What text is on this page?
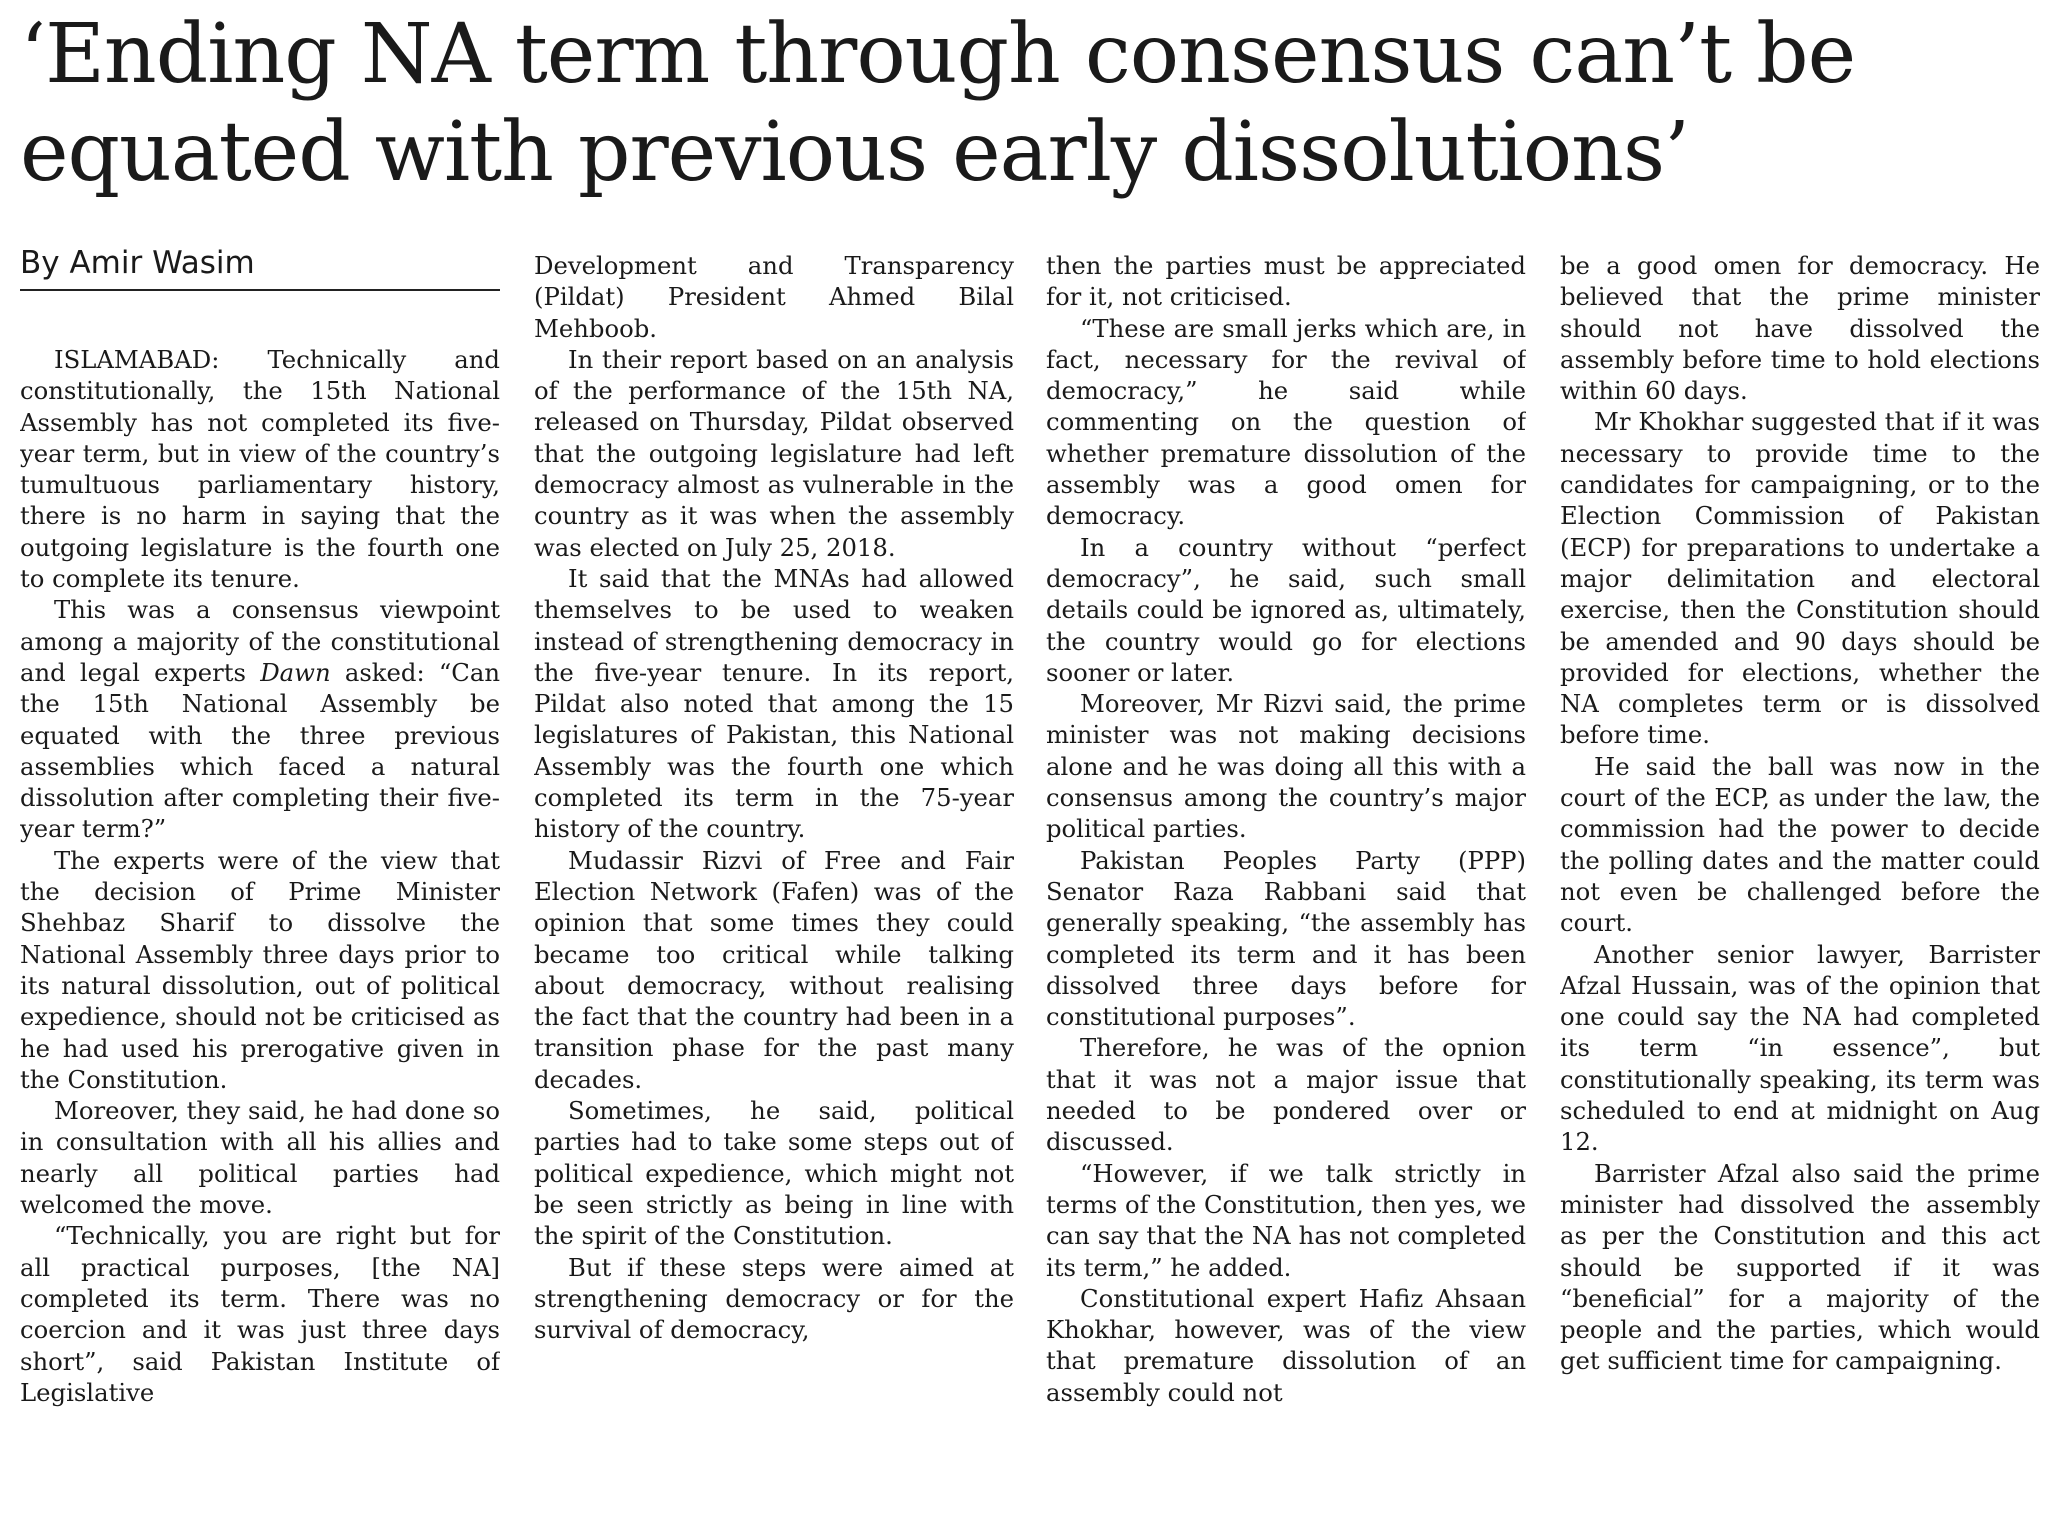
‘Ending NA term through consensus can’t be equated with previous early dissolutions’
By Amir Wasim

ISLAMABAD: Technically and constitutionally, the 15th National Assembly has not completed its five-year term, but in view of the country’s tumultuous parliamentary history, there is no harm in saying that the outgoing legislature is the fourth one to complete its tenure.

This was a consensus viewpoint among a majority of the constitutional and legal experts Dawn asked: “Can the 15th National Assembly be equated with the three previous assemblies which faced a natural dissolution after completing their five-year term?”

The experts were of the view that the decision of Prime Minister Shehbaz Sharif to dissolve the National Assembly three days prior to its natural dissolution, out of political expedience, should not be criticised as he had used his prerogative given in the Constitution.

Moreover, they said, he had done so in consultation with all his allies and nearly all political parties had welcomed the move.

“Technically, you are right but for all practical purposes, [the NA] completed its term. There was no coercion and it was just three days short”, said Pakistan Institute of Legislative

Development and Transparency (Pildat) President Ahmed Bilal Mehboob.

In their report based on an analysis of the performance of the 15th NA, released on Thursday, Pildat observed that the outgoing legislature had left democracy almost as vulnerable in the country as it was when the assembly was elected on July 25, 2018.

It said that the MNAs had allowed themselves to be used to weaken instead of strengthening democracy in the five-year tenure. In its report, Pildat also noted that among the 15 legislatures of Pakistan, this National Assembly was the fourth one which completed its term in the 75-year history of the country.

Mudassir Rizvi of Free and Fair Election Network (Fafen) was of the opinion that some times they could became too critical while talking about democracy, without realising the fact that the country had been in a transition phase for the past many decades.

Sometimes, he said, political parties had to take some steps out of political expedience, which might not be seen strictly as being in line with the spirit of the Constitution.

But if these steps were aimed at strengthening democracy or for the survival of democracy,

then the parties must be appreciated for it, not criticised.

“These are small jerks which are, in fact, necessary for the revival of democracy,” he said while commenting on the question of whether premature dissolution of the assembly was a good omen for democracy.

In a country without “perfect democracy”, he said, such small details could be ignored as, ultimately, the country would go for elections sooner or later.

Moreover, Mr Rizvi said, the prime minister was not making decisions alone and he was doing all this with a consensus among the country’s major political parties.

Pakistan Peoples Party (PPP) Senator Raza Rabbani said that generally speaking, “the assembly has completed its term and it has been dissolved three days before for constitutional purposes”.

Therefore, he was of the opnion that it was not a major issue that needed to be pondered over or discussed.

“However, if we talk strictly in terms of the Constitution, then yes, we can say that the NA has not completed its term,” he added.

Constitutional expert Hafiz Ahsaan Khokhar, however, was of the view that premature dissolution of an assembly could not

be a good omen for democracy. He believed that the prime minister should not have dissolved the assembly before time to hold elections within 60 days.

Mr Khokhar suggested that if it was necessary to provide time to the candidates for campaigning, or to the Election Commission of Pakistan (ECP) for preparations to undertake a major delimitation and electoral exercise, then the Constitution should be amended and 90 days should be provided for elections, whether the NA completes term or is dissolved before time.

He said the ball was now in the court of the ECP, as under the law, the commission had the power to decide the polling dates and the matter could not even be challenged before the court.

Another senior lawyer, Barrister Afzal Hussain, was of the opinion that one could say the NA had completed its term “in essence”, but constitutionally speaking, its term was scheduled to end at midnight on Aug 12.

Barrister Afzal also said the prime minister had dissolved the assembly as per the Constitution and this act should be supported if it was “beneficial” for a majority of the people and the parties, which would get sufficient time for campaigning.
